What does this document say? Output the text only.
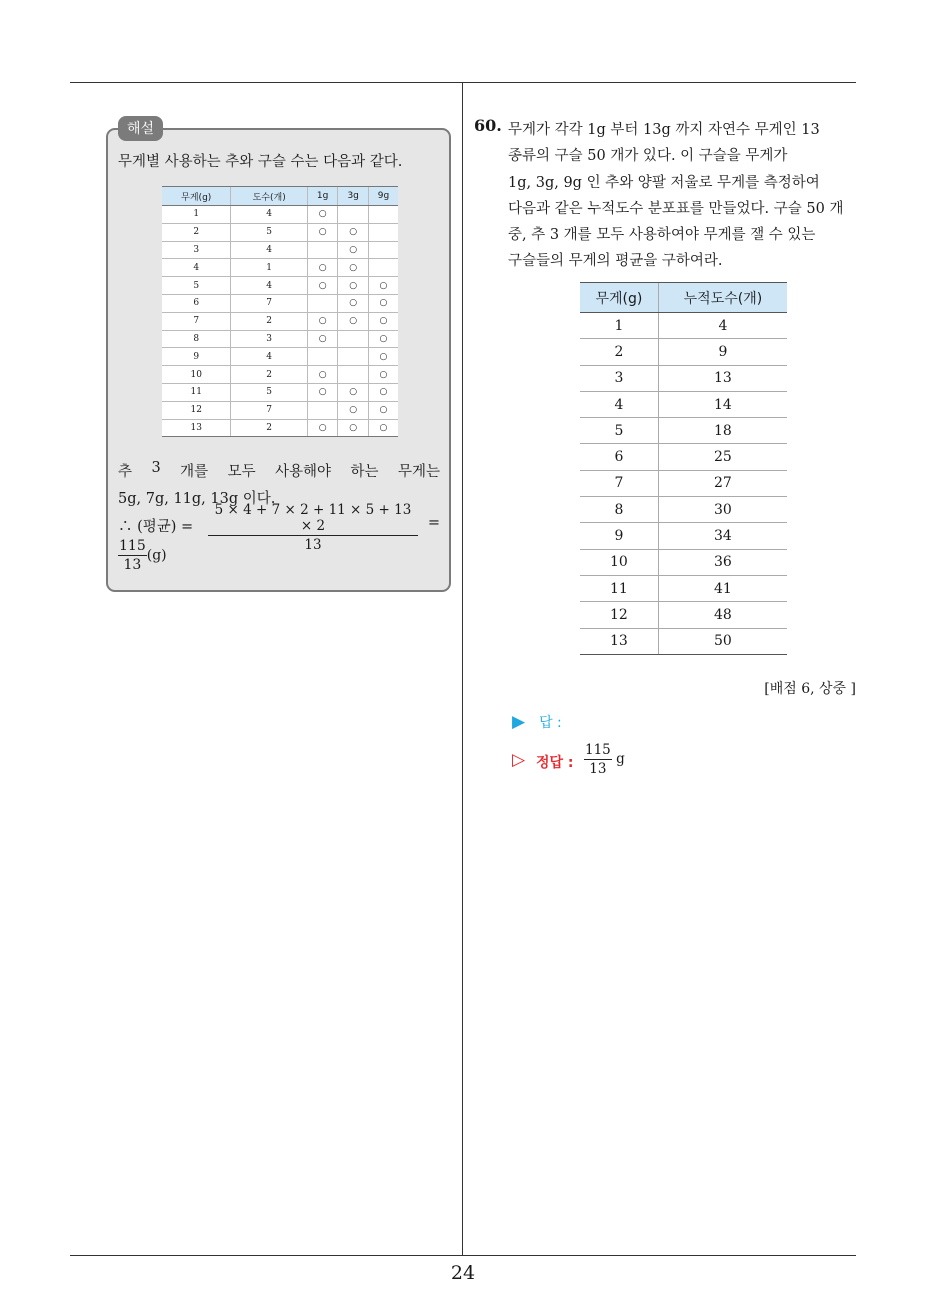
해설
무게별 사용하는 추와 구슬 수는 다음과 같다.
무게(g)	도수(개)	1g	3g	9g
1	4	○		
2	5	○	○	
3	4		○	
4	1	○	○	
5	4	○	○	○
6	7		○	○
7	2	○	○	○
8	3	○		○
9	4			○
10	2	○		○
11	5	○	○	○
12	7		○	○
13	2	○	○	○
추 3 개를 모두 사용해야 하는 무게는
5g, 7g, 11g, 13g 이다.
∴ (평균) = $\frac{5 \times 4 + 7 \times 2 + 11 \times 5 + 13 \times 2}{13}$ =
$\frac{115}{13} (g)$
60. 무게가 각각 1g 부터 13g 까지 자연수 무게인 13
종류의 구슬 50 개가 있다. 이 구슬을 무게가
1g, 3g, 9g 인 추와 양팔 저울로 무게를 측정하여
다음과 같은 누적도수 분포표를 만들었다. 구슬 50 개
중, 추 3 개를 모두 사용하여야 무게를 잴 수 있는
구슬들의 무게의 평균을 구하여라.
무게(g)	누적도수(개)
1	4
2	9
3	13
4	14
5	18
6	25
7	27
8	30
9	34
10	36
11	41
12	48
13	50
[배점 6, 상중 ]
▶ 답 :
▷ 정답 : $\frac{115}{13}$ g
24
